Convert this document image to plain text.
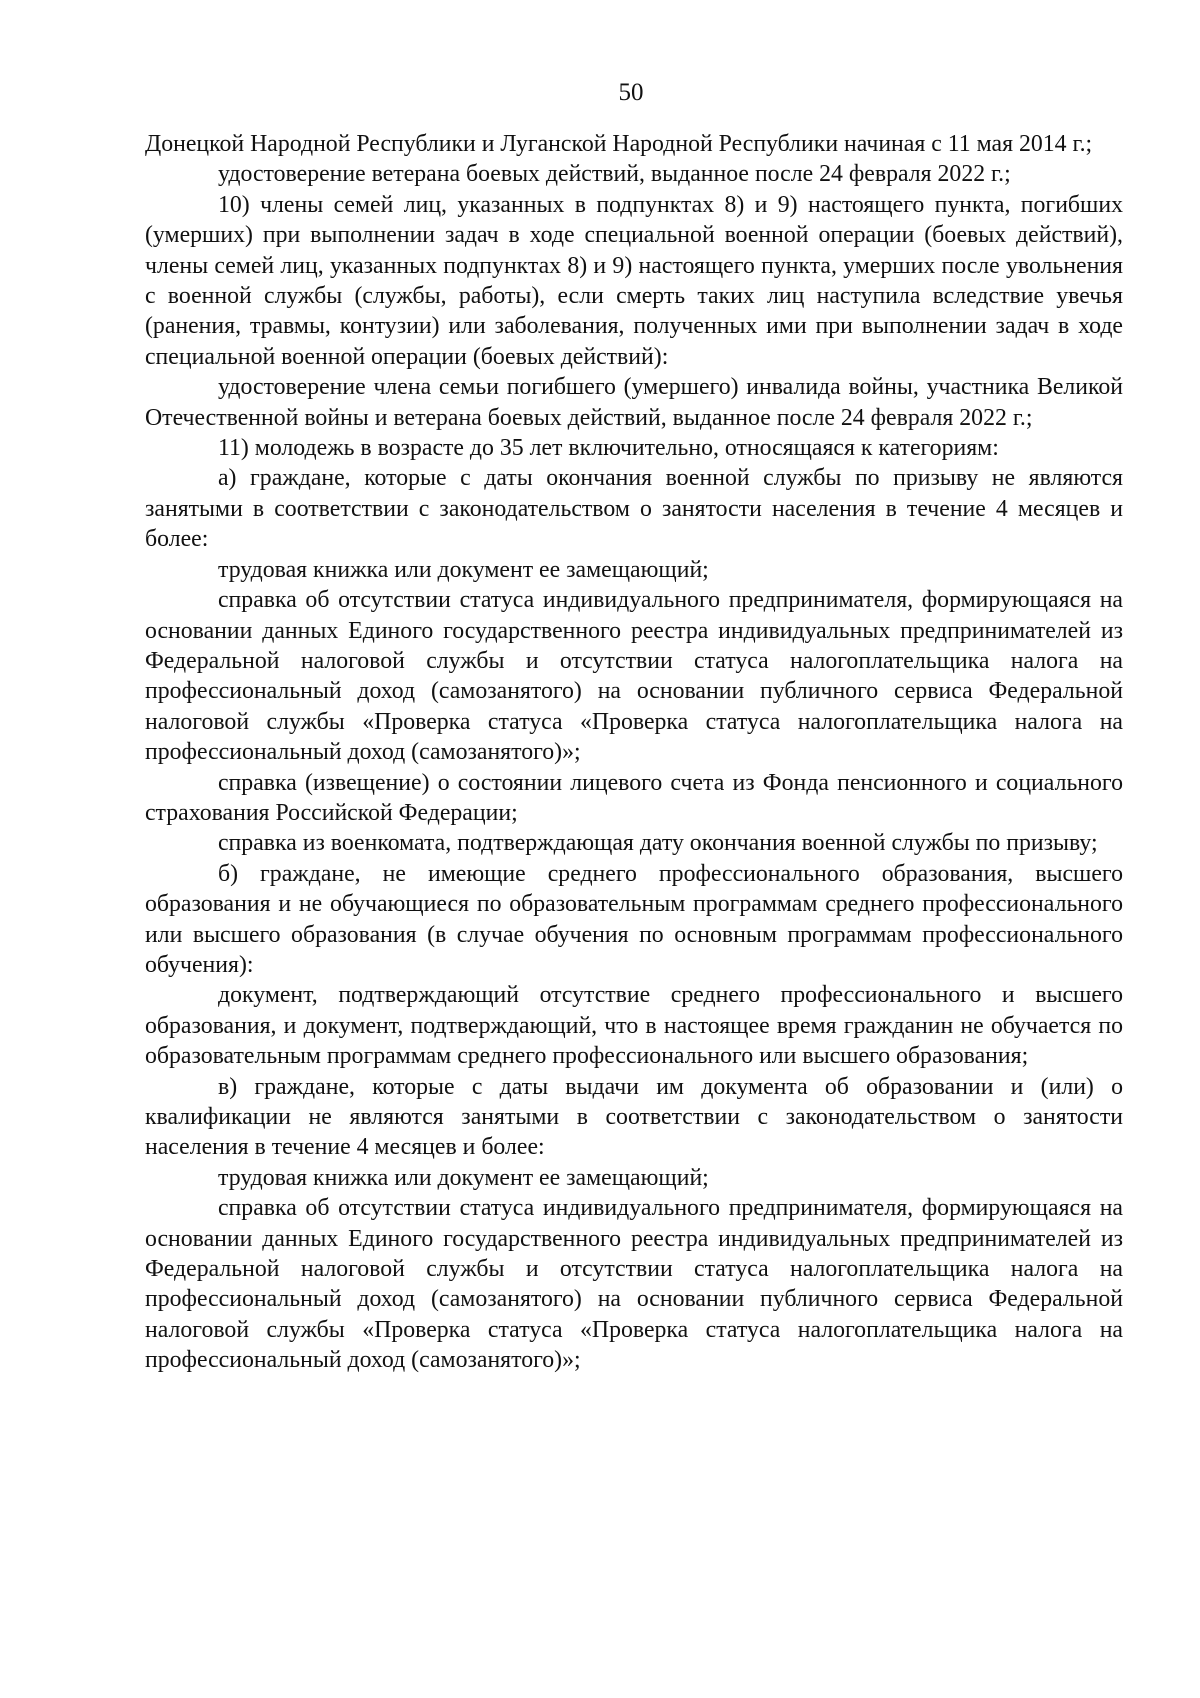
50

Донецкой Народной Республики и Луганской Народной Республики начиная с 11 мая 2014 г.;

удостоверение ветерана боевых действий, выданное после 24 февраля 2022 г.;

10) члены семей лиц, указанных в подпунктах 8) и 9) настоящего пункта, погибших (умерших) при выполнении задач в ходе специальной военной операции (боевых действий), члены семей лиц, указанных подпунктах 8) и 9) настоящего пункта, умерших после увольнения с военной службы (службы, работы), если смерть таких лиц наступила вследствие увечья (ранения, травмы, контузии) или заболевания, полученных ими при выполнении задач в ходе специальной военной операции (боевых действий):

удостоверение члена семьи погибшего (умершего) инвалида войны, участника Великой Отечественной войны и ветерана боевых действий, выданное после 24 февраля 2022 г.;

11) молодежь в возрасте до 35 лет включительно, относящаяся к категориям:

а) граждане, которые с даты окончания военной службы по призыву не являются занятыми в соответствии с законодательством о занятости населения в течение 4 месяцев и более:

трудовая книжка или документ ее замещающий;

справка об отсутствии статуса индивидуального предпринимателя, формирующаяся на основании данных Единого государственного реестра индивидуальных предпринимателей из Федеральной налоговой службы и отсутствии статуса налогоплательщика налога на профессиональный доход (самозанятого) на основании публичного сервиса Федеральной налоговой службы «Проверка статуса «Проверка статуса налогоплательщика налога на профессиональный доход (самозанятого)»;

справка (извещение) о состоянии лицевого счета из Фонда пенсионного и социального страхования Российской Федерации;

справка из военкомата, подтверждающая дату окончания военной службы по призыву;

б) граждане, не имеющие среднего профессионального образования, высшего образования и не обучающиеся по образовательным программам среднего профессионального или высшего образования (в случае обучения по основным программам профессионального обучения):

документ, подтверждающий отсутствие среднего профессионального и высшего образования, и документ, подтверждающий, что в настоящее время гражданин не обучается по образовательным программам среднего профессионального или высшего образования;

в) граждане, которые с даты выдачи им документа об образовании и (или) о квалификации не являются занятыми в соответствии с законодательством о занятости населения в течение 4 месяцев и более:

трудовая книжка или документ ее замещающий;

справка об отсутствии статуса индивидуального предпринимателя, формирующаяся на основании данных Единого государственного реестра индивидуальных предпринимателей из Федеральной налоговой службы и отсутствии статуса налогоплательщика налога на профессиональный доход (самозанятого) на основании публичного сервиса Федеральной налоговой службы «Проверка статуса «Проверка статуса налогоплательщика налога на профессиональный доход (самозанятого)»;
